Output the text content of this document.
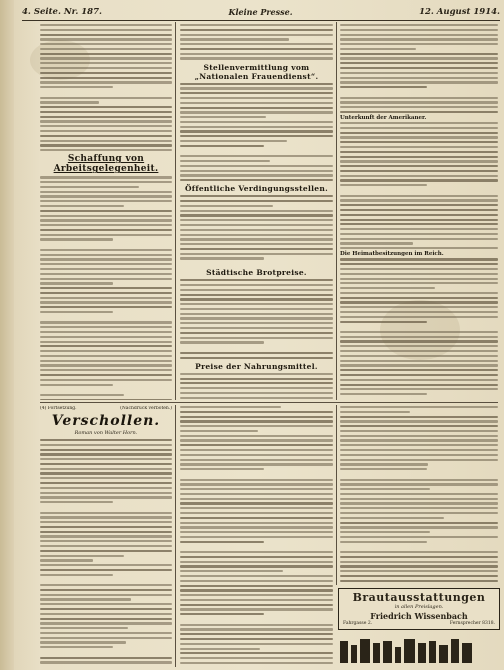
4. Seite. Nr. 187.	Kleine Presse.	12. August 1914.
Schaffung von Arbeitsgelegenheit.
Stellenvermittlung vom „Nationalen Frauendienst“.
Öffentliche Verdingungsstellen.
Städtische Brotpreise.
Preise der Nahrungsmittel.
Unterkunft der Amerikaner.
Die Heimatbesitzungen im Reich.
(4) Fortsetzung.	(Nachdruck verboten.)
Verschollen.
Roman von Walter Horn.
Brautausstattungen
in allen Preislagen.
Friedrich Wissenbach
Fahrgasse 2.	Fernsprecher 8318.
